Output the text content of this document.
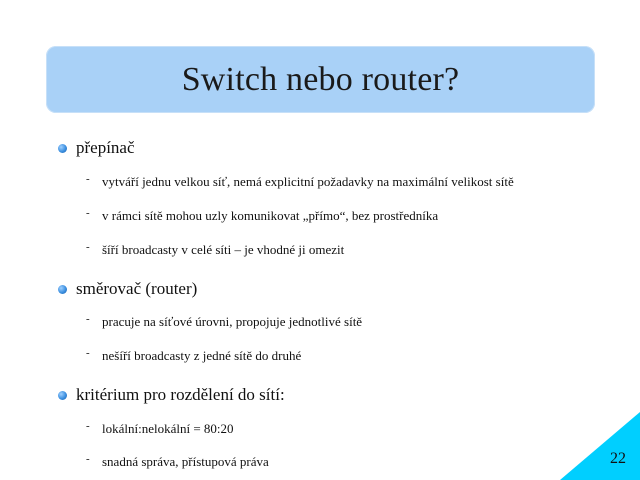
Switch nebo router?
přepínač
- vytváří jednu velkou síť, nemá explicitní požadavky na maximální velikost sítě
- v rámci sítě mohou uzly komunikovat „přímo“, bez prostředníka
- šíří broadcasty v celé síti – je vhodné ji omezit
směrovač (router)
- pracuje na síťové úrovni, propojuje jednotlivé sítě
- nešíří broadcasty z jedné sítě do druhé
kritérium pro rozdělení do sítí:
- lokální:nelokální = 80:20
- snadná správa, přístupová práva	22
